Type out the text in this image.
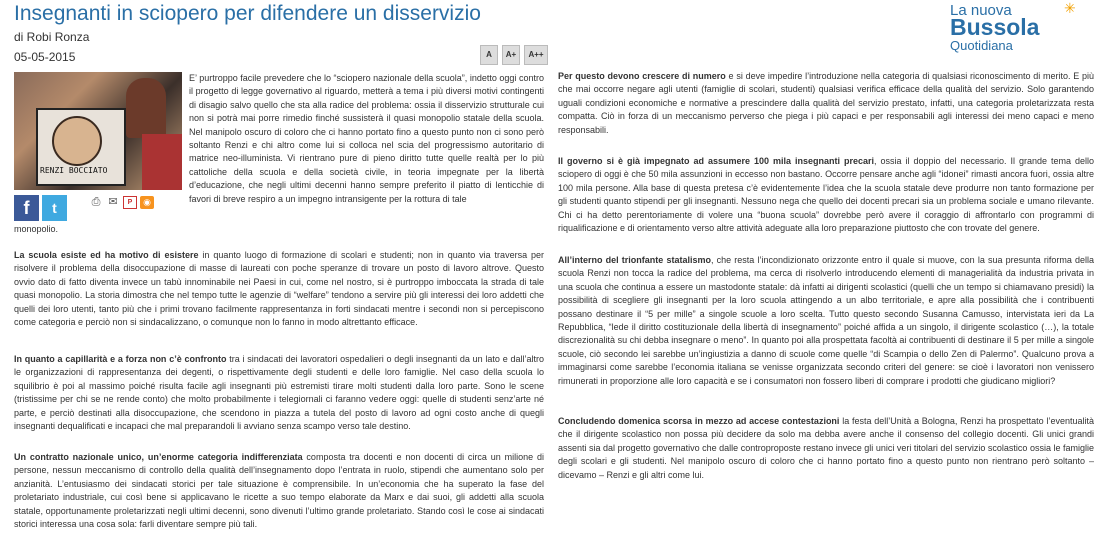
Insegnanti in sciopero per difendere un disservizio
di Robi Ronza
05-05-2015	A	A+	A++
RENZI BOCCIATO
f	t	⎙ ✉	P	◉

E’ purtroppo facile prevedere che lo “sciopero nazionale della scuola”, indetto oggi contro il progetto di legge governativo al riguardo, metterà a tema i più diversi motivi contingenti di disagio salvo quello che sta alla radice del problema: ossia il disservizio strutturale cui non si potrà mai porre rimedio finché sussisterà il quasi monopolio statale della scuola. Nel manipolo oscuro di coloro che ci hanno portato fino a questo punto non ci sono però soltanto Renzi e chi altro come lui si colloca nel scia del progressismo autoritario di matrice neo-illuminista. Vi rientrano pure di pieno diritto tutte quelle realtà per lo più cattoliche della scuola e della società civile, in teoria impegnate per la libertà d’educazione, che negli ultimi decenni hanno sempre preferito il piatto di lenticchie di favori di breve respiro a un impegno intransigente per la rottura di tale

monopolio.

La scuola esiste ed ha motivo di esistere in quanto luogo di formazione di scolari e studenti; non in quanto via traversa per risolvere il problema della disoccupazione di masse di laureati con poche speranze di trovare un posto di lavoro altrove. Questo ovvio dato di fatto diventa invece un tabù innominabile nei Paesi in cui, come nel nostro, si è purtroppo imboccata la strada di tale quasi monopolio. La storia dimostra che nel tempo tutte le agenzie di “welfare” tendono a servire più gli interessi dei loro addetti che quelli dei loro utenti, tanto più che i primi trovano facilmente rappresentanza in forti sindacati mentre i secondi non si percepiscono come categoria e perciò non si sindacalizzano, o comunque non lo fanno in modo altrettanto efficace.

In quanto a capillarità e a forza non c’è confronto tra i sindacati dei lavoratori ospedalieri o degli insegnanti da un lato e dall’altro le organizzazioni di rappresentanza dei degenti, o rispettivamente degli studenti e delle loro famiglie. Nel caso della scuola lo squilibrio è poi al massimo poiché risulta facile agli insegnanti più estremisti tirare molti studenti dalla loro parte. Sono le scene (tristissime per chi se ne rende conto) che molto probabilmente i telegiornali ci faranno vedere oggi: quelle di studenti senz’arte né parte, e perciò destinati alla disoccupazione, che scendono in piazza a tutela del posto di lavoro ad ogni costo anche di quegli insegnanti dequalificati e incapaci che mal preparandoli li avviano senza scampo verso tale destino.

Un contratto nazionale unico, un’enorme categoria indifferenziata composta tra docenti e non docenti di circa un milione di persone, nessun meccanismo di controllo della qualità dell’insegnamento dopo l’entrata in ruolo, stipendi che aumentano solo per anzianità. L’entusiasmo dei sindacati storici per tale situazione è comprensibile. In un’economia che ha superato la fase del proletariato industriale, cui così bene si applicavano le ricette a suo tempo elaborate da Marx e dai suoi, gli addetti alla scuola statale, opportunamente proletarizzati negli ultimi decenni, sono divenuti l’ultimo grande proletariato. Stando così le cose ai sindacati storici interessa una cosa sola: farli diventare sempre più tali.

La nuova
Bussola
Quotidiana
✳

Per questo devono crescere di numero e si deve impedire l’introduzione nella categoria di qualsiasi riconoscimento di merito. E più che mai occorre negare agli utenti (famiglie di scolari, studenti) qualsiasi verifica efficace della qualità del servizio. Solo garantendo uguali condizioni economiche e normative a prescindere dalla qualità del servizio prestato, infatti, una categoria proletarizzata resta compatta. Ciò in forza di un meccanismo perverso che piega i più capaci e per responsabili agli interessi dei meno capaci e meno responsabili.

Il governo si è già impegnato ad assumere 100 mila insegnanti precari, ossia il doppio del necessario. Il grande tema dello sciopero di oggi è che 50 mila assunzioni in eccesso non bastano. Occorre pensare anche agli “idonei” rimasti ancora fuori, ossia altre 100 mila persone. Alla base di questa pretesa c’è evidentemente l’idea che la scuola statale deve produrre non tanto formazione per gli studenti quanto stipendi per gli insegnanti. Nessuno nega che quello dei docenti precari sia un problema sociale e umano rilevante. Chi ci ha detto perentoriamente di volere una “buona scuola” dovrebbe però avere il coraggio di affrontarlo con programmi di riqualificazione e di orientamento verso altre attività adeguate alla loro preparazione piuttosto che con trovate del genere.

All’interno del trionfante statalismo, che resta l’incondizionato orizzonte entro il quale si muove, con la sua presunta riforma della scuola Renzi non tocca la radice del problema, ma cerca di risolverlo introducendo elementi di managerialità da industria privata in una scuola che continua a essere un mastodonte statale: dà infatti ai dirigenti scolastici (quelli che un tempo si chiamavano presidi) la possibilità di scegliere gli insegnanti per la loro scuola attingendo a un albo territoriale, e apre alla possibilità che i contribuenti possano destinare il “5 per mille” a singole scuole a loro scelta. Tutto questo secondo Susanna Camusso, intervistata ieri da La Repubblica, “lede il diritto costituzionale della libertà di insegnamento” poiché affida a un singolo, il dirigente scolastico (…), la totale discrezionalità su chi debba insegnare o meno”. In quanto poi alla prospettata facoltà ai contribuenti di destinare il 5 per mille a singole scuole, ciò secondo lei sarebbe un’ingiustizia a danno di scuole come quelle “di Scampia o dello Zen di Palermo”. Qualcuno prova a immaginarsi come sarebbe l’economia italiana se venisse organizzata secondo criteri del genere: se cioè i lavoratori non venissero rimunerati in proporzione alle loro capacità e se i consumatori non fossero liberi di comprare i prodotti che giudicano migliori?

Concludendo domenica scorsa in mezzo ad accese contestazioni la festa dell’Unità a Bologna, Renzi ha prospettato l’eventualità che il dirigente scolastico non possa più decidere da solo ma debba avere anche il consenso del collegio docenti. Gli unici grandi assenti sia dal progetto governativo che dalle controproposte restano invece gli unici veri titolari del servizio scolastico ossia le famiglie degli scolari e gli studenti. Nel manipolo oscuro di coloro che ci hanno portato fino a questo punto non rientrano però soltanto – dicevamo – Renzi e gli altri come lui.
